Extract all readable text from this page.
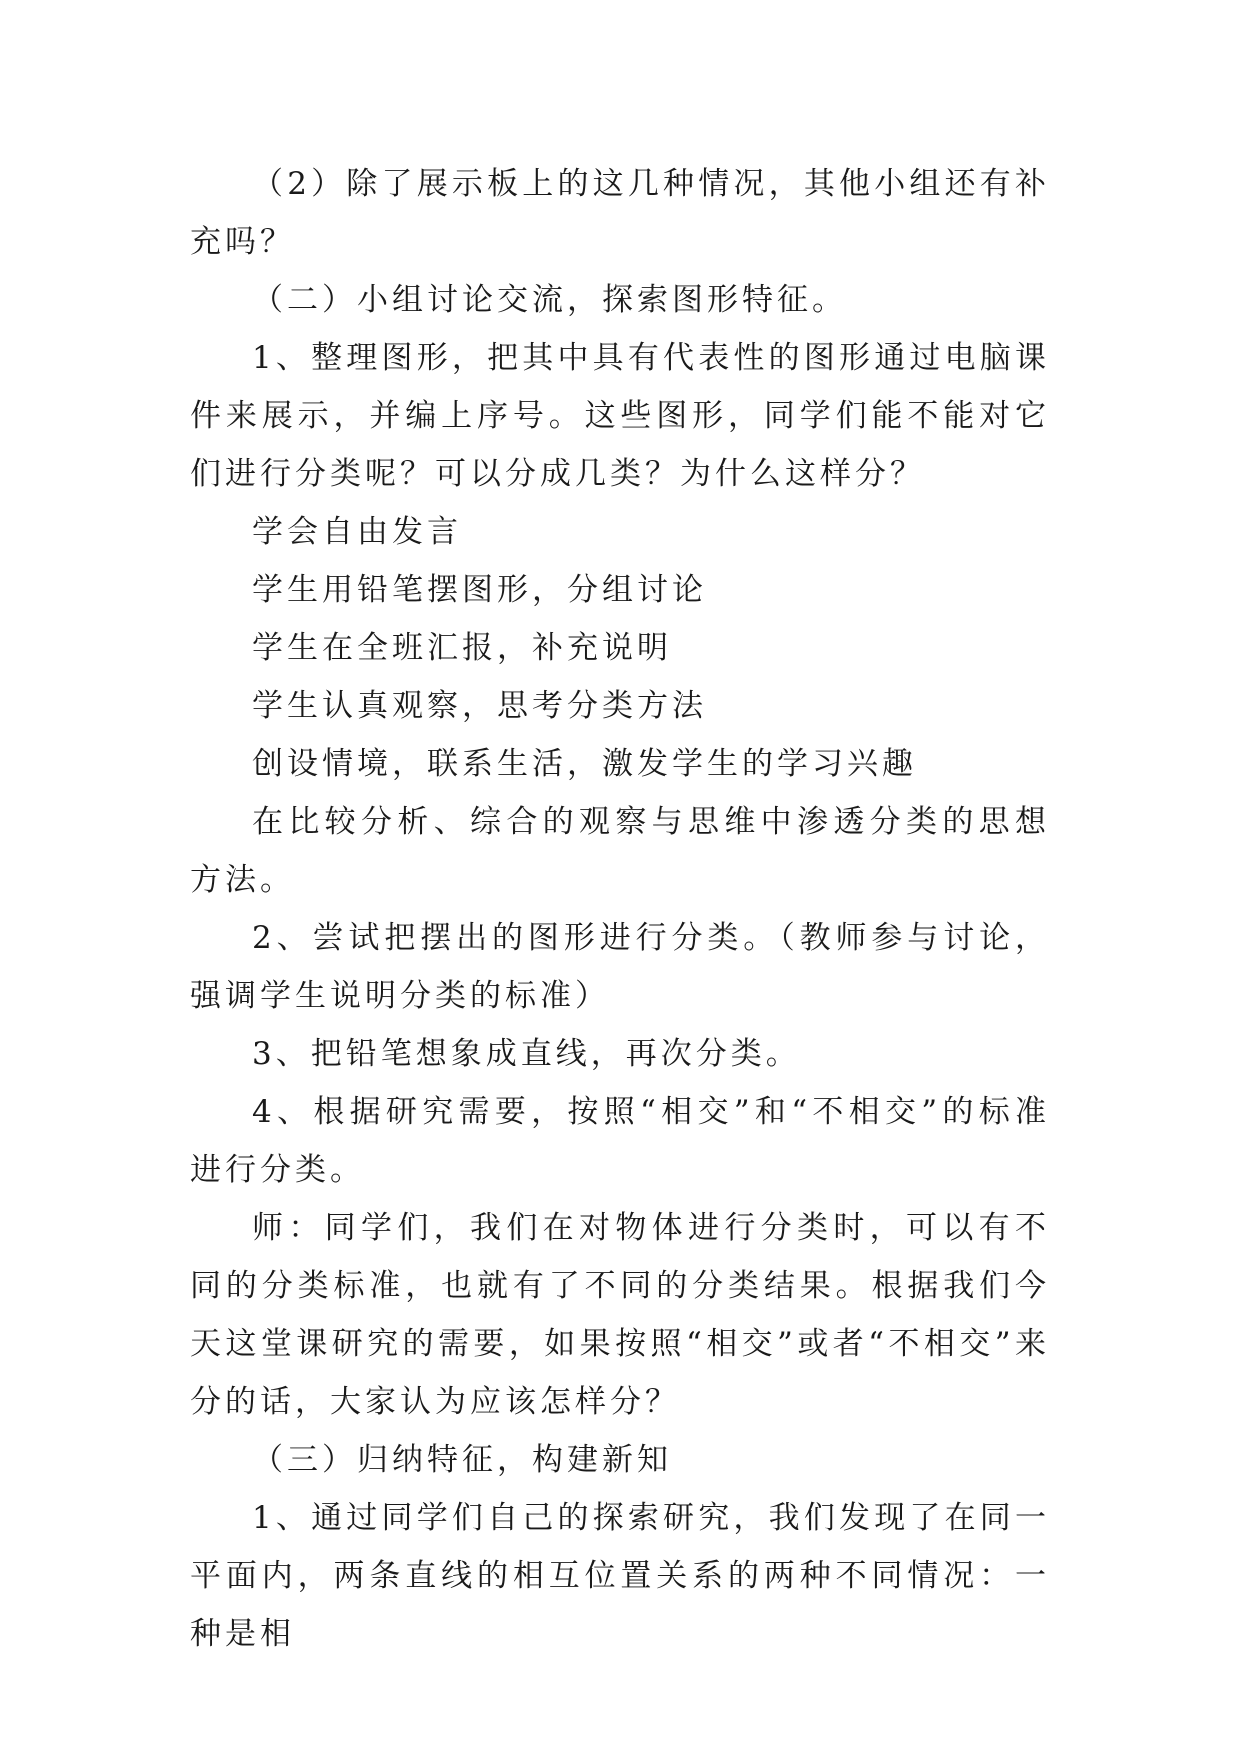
（2）除了展示板上的这几种情况，其他小组还有补充吗？

（二）小组讨论交流，探索图形特征。

1、整理图形，把其中具有代表性的图形通过电脑课件来展示，并编上序号。这些图形，同学们能不能对它们进行分类呢？可以分成几类？为什么这样分？

学会自由发言

学生用铅笔摆图形，分组讨论

学生在全班汇报，补充说明

学生认真观察，思考分类方法

创设情境，联系生活，激发学生的学习兴趣

在比较分析、综合的观察与思维中渗透分类的思想方法。

2、尝试把摆出的图形进行分类。（教师参与讨论，强调学生说明分类的标准）

3、把铅笔想象成直线，再次分类。

4、根据研究需要，按照“相交”和“不相交”的标准进行分类。

师：同学们，我们在对物体进行分类时，可以有不同的分类标准，也就有了不同的分类结果。根据我们今天这堂课研究的需要，如果按照“相交”或者“不相交”来分的话，大家认为应该怎样分？

（三）归纳特征，构建新知

1、通过同学们自己的探索研究，我们发现了在同一平面内，两条直线的相互位置关系的两种不同情况：一种是相
